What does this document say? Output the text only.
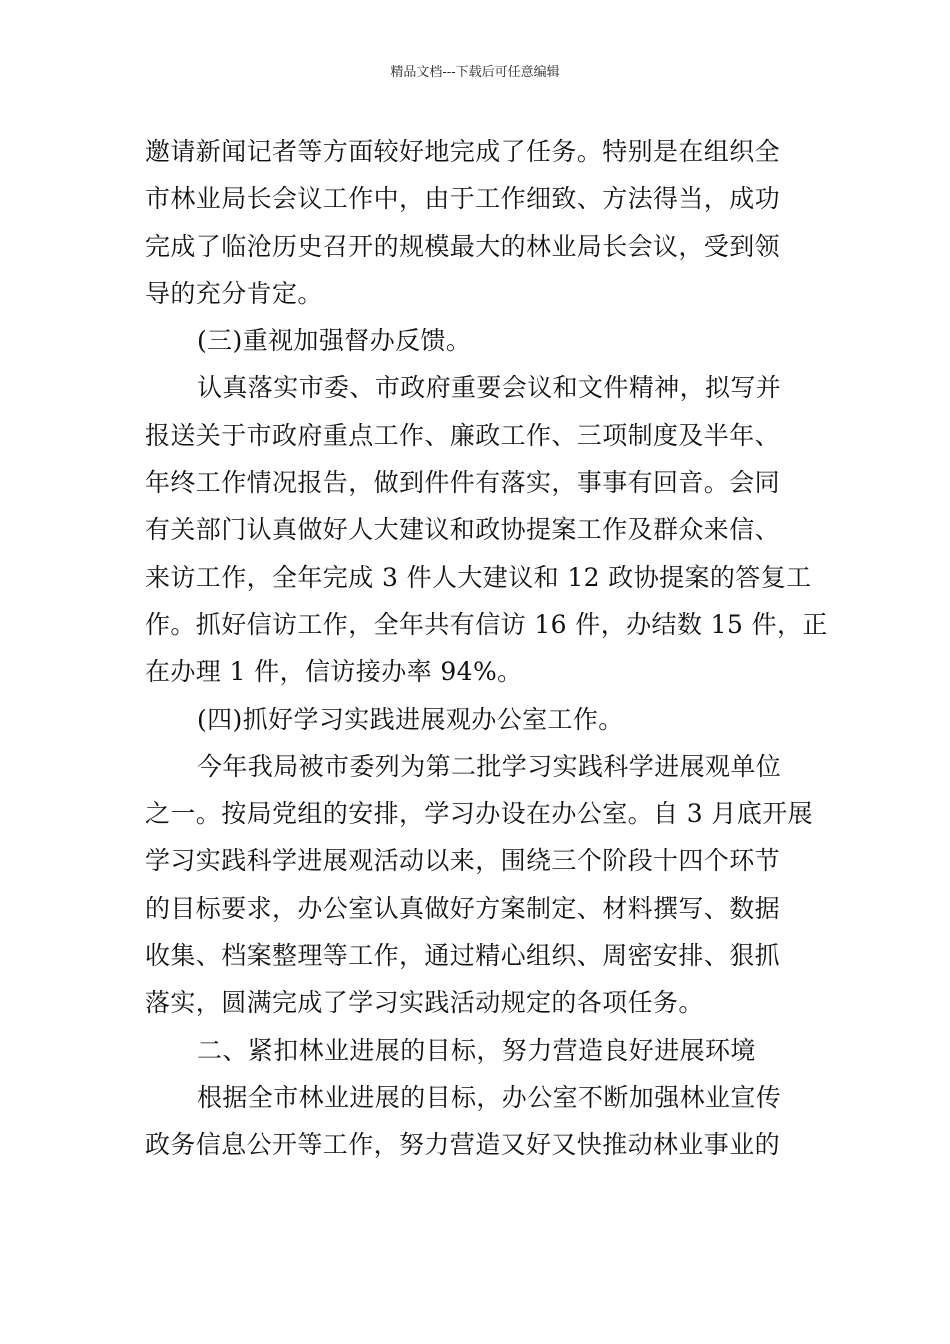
精品文档---下载后可任意编辑
邀请新闻记者等方面较好地完成了任务。特别是在组织全
市林业局长会议工作中，由于工作细致、方法得当，成功
完成了临沧历史召开的规模最大的林业局长会议，受到领
导的充分肯定。
(三)重视加强督办反馈。
认真落实市委、市政府重要会议和文件精神，拟写并
报送关于市政府重点工作、廉政工作、三项制度及半年、
年终工作情况报告，做到件件有落实，事事有回音。会同
有关部门认真做好人大建议和政协提案工作及群众来信、
来访工作，全年完成 3 件人大建议和 12 政协提案的答复工
作。抓好信访工作，全年共有信访 16 件，办结数 15 件，正
在办理 1 件，信访接办率 94%。
(四)抓好学习实践进展观办公室工作。
今年我局被市委列为第二批学习实践科学进展观单位
之一。按局党组的安排，学习办设在办公室。自 3 月底开展
学习实践科学进展观活动以来，围绕三个阶段十四个环节
的目标要求，办公室认真做好方案制定、材料撰写、数据
收集、档案整理等工作，通过精心组织、周密安排、狠抓
落实，圆满完成了学习实践活动规定的各项任务。
二、紧扣林业进展的目标，努力营造良好进展环境
根据全市林业进展的目标，办公室不断加强林业宣传
政务信息公开等工作，努力营造又好又快推动林业事业的
